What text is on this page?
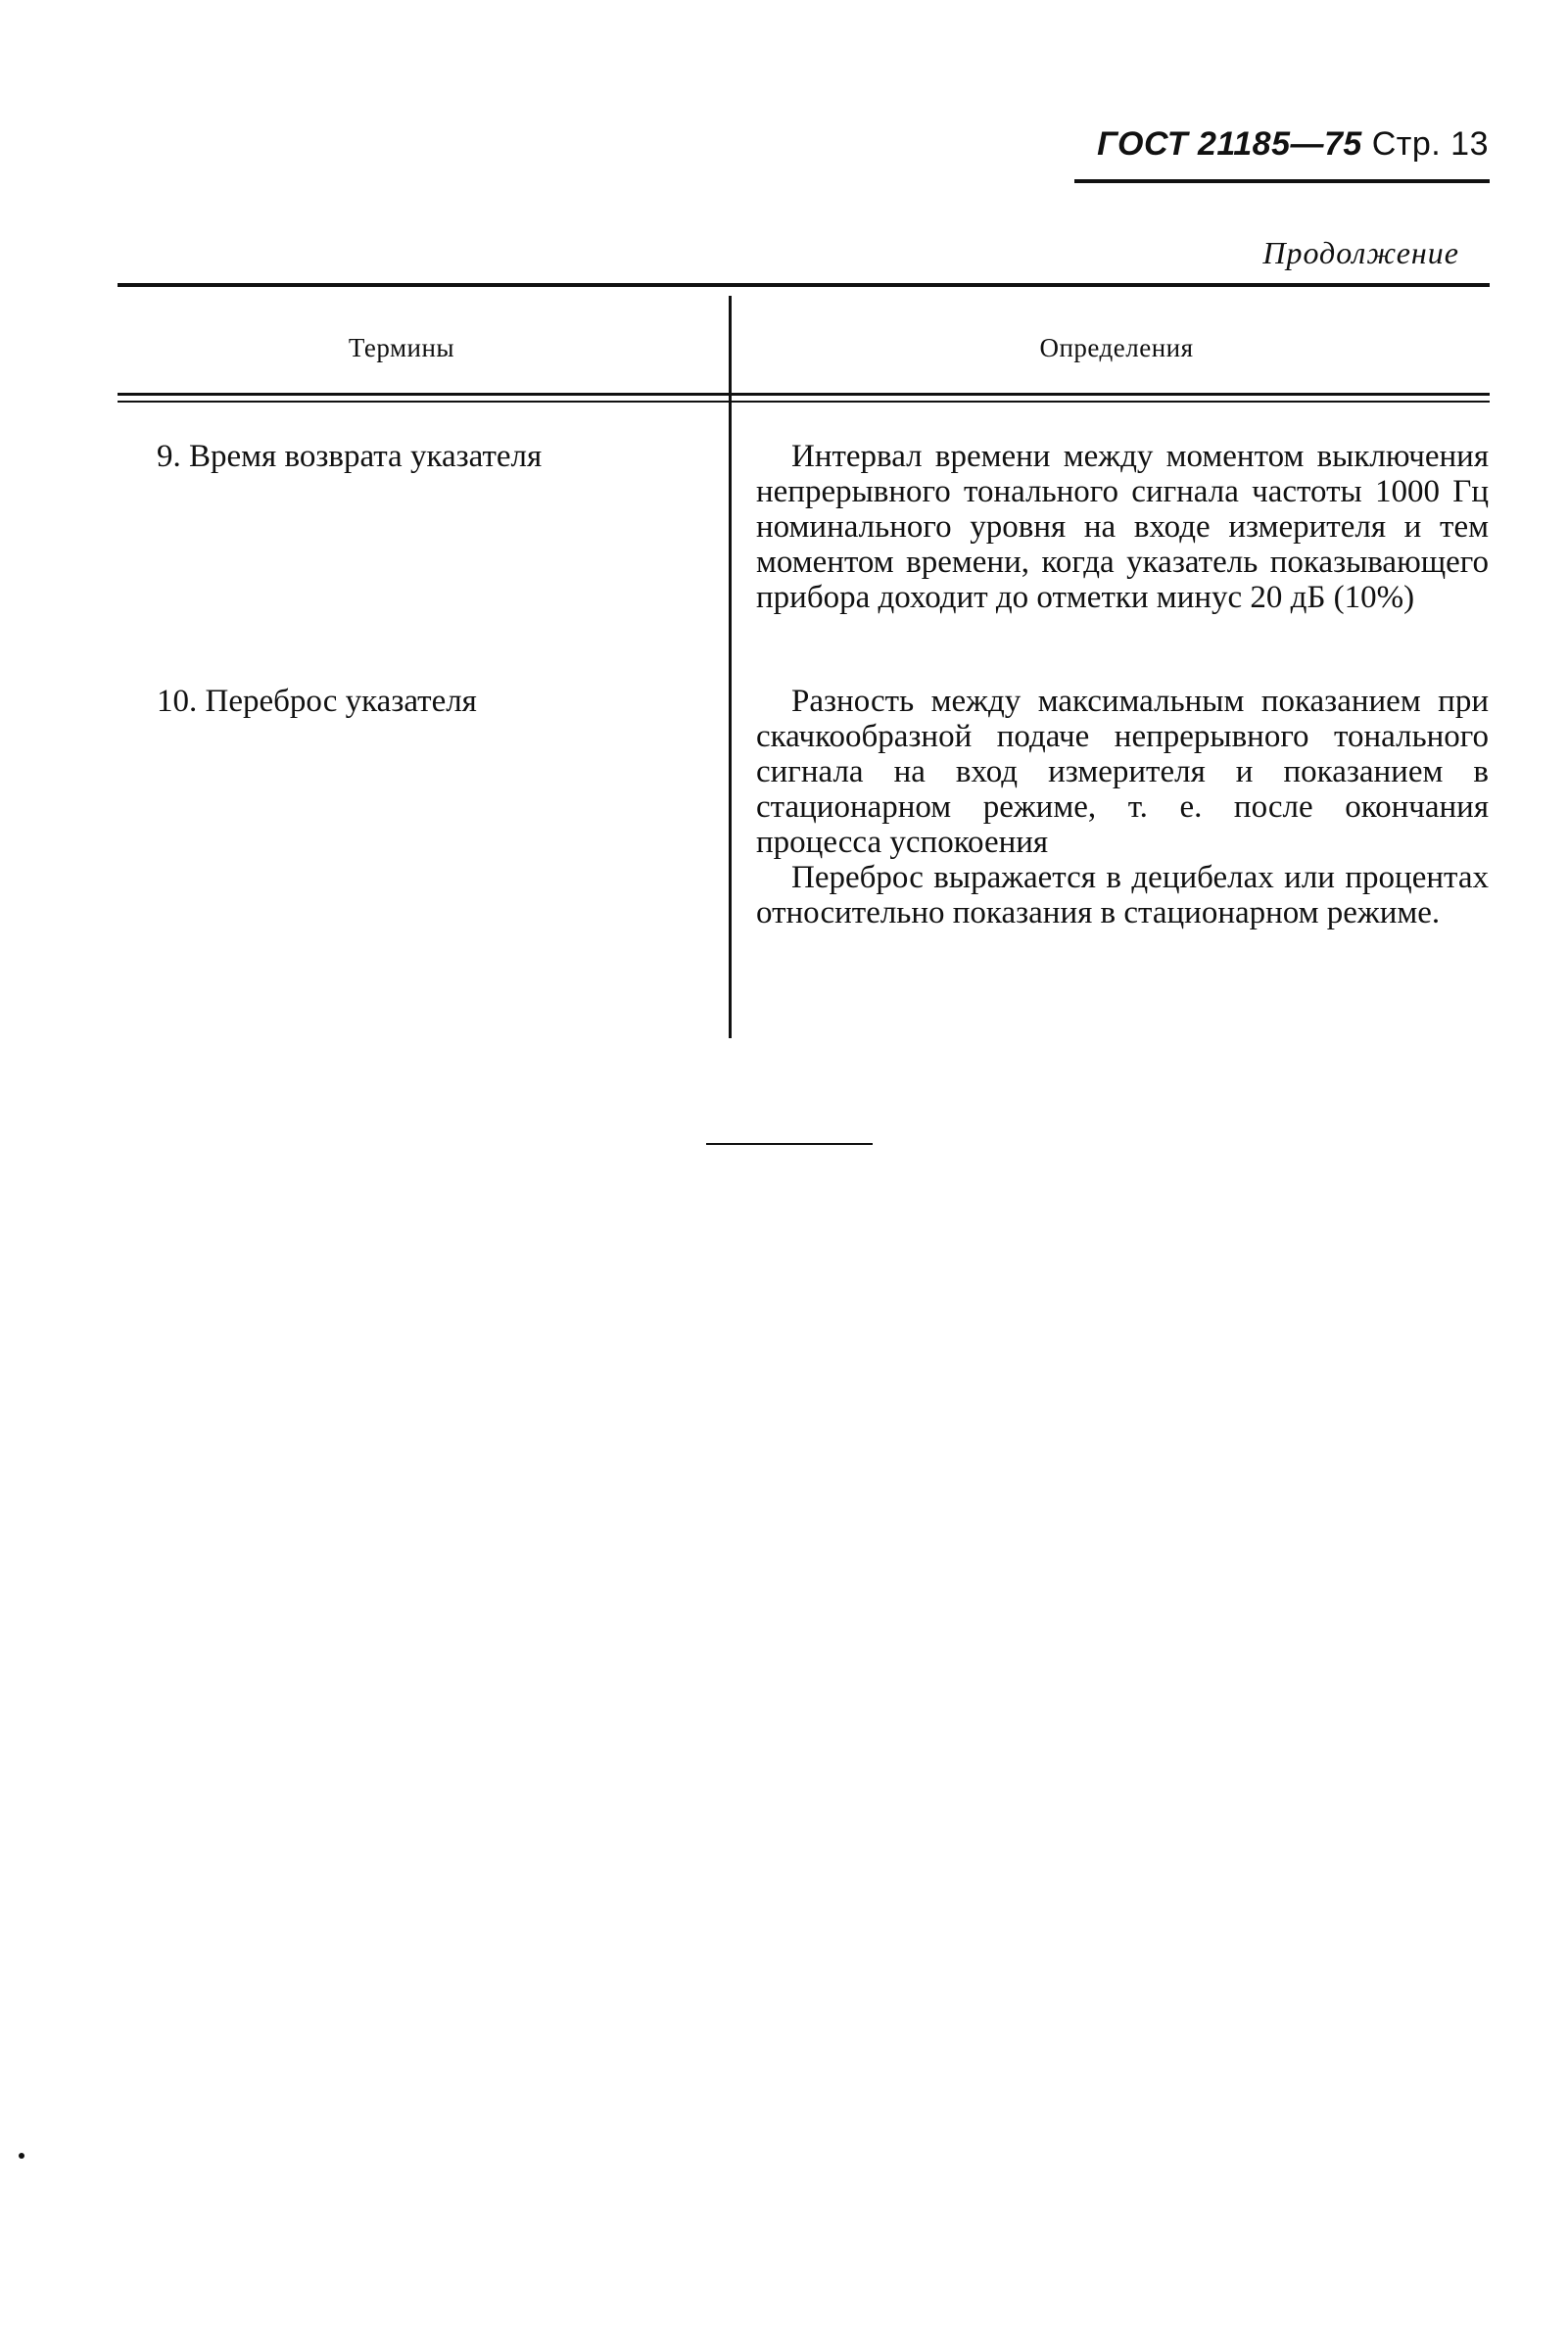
ГОСТ 21185—75 Стр. 13
Продолжение
Термины	Определения
9. Время возврата указателя	Интервал времени между моментом выключения непрерывного тонального сигнала частоты 1000 Гц номинального уровня на входе измерителя и тем моментом времени, когда указатель показывающего прибора доходит до отметки минус 20 дБ (10%)

10. Переброс указателя	Разность между максимальным показанием при скачкообразной подаче непрерывного тонального сигнала на вход измерителя и показанием в стационарном режиме, т. е. после окончания процесса успокоения

Переброс выражается в децибелах или процентах относительно показания в стационарном режиме.
